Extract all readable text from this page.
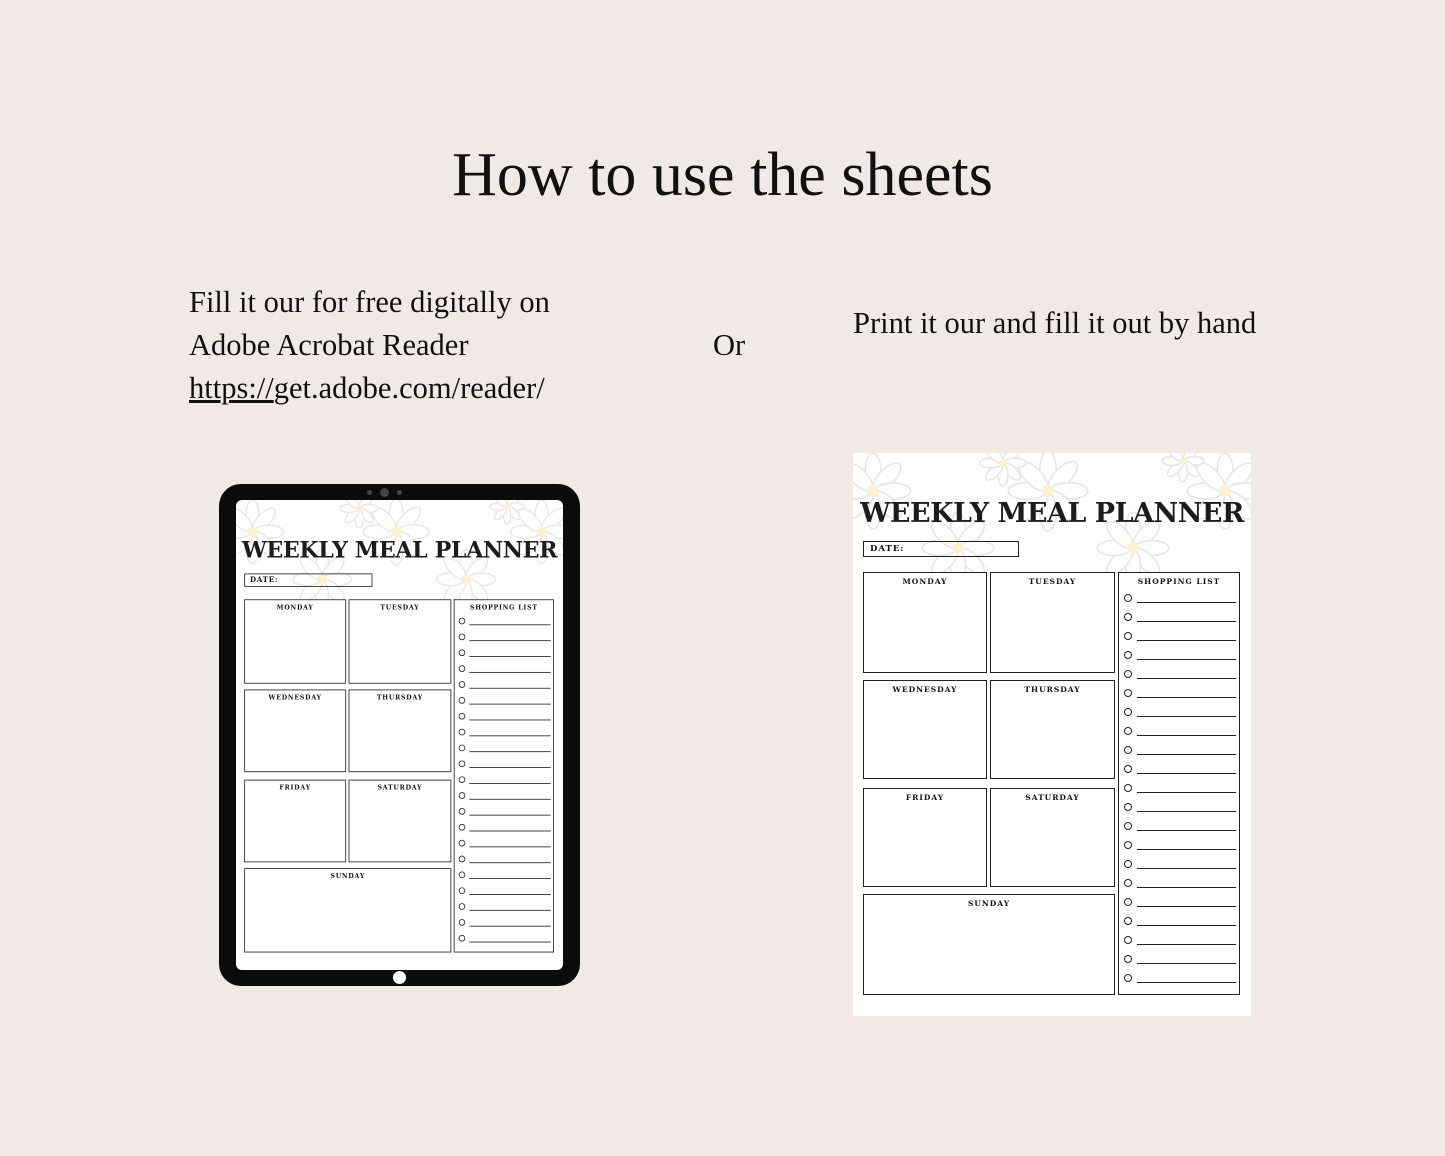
How to use the sheets
Fill it our for free digitally on
Adobe Acrobat Reader
https://get.adobe.com/reader/
Or
Print it our and fill it out by hand
WEEKLY MEAL PLANNER
DATE:
MONDAY	TUESDAY
WEDNESDAY	THURSDAY
FRIDAY	SATURDAY
SUNDAY
SHOPPING LIST
WEEKLY MEAL PLANNER
DATE:
MONDAY	TUESDAY
WEDNESDAY	THURSDAY
FRIDAY	SATURDAY
SUNDAY
SHOPPING LIST
